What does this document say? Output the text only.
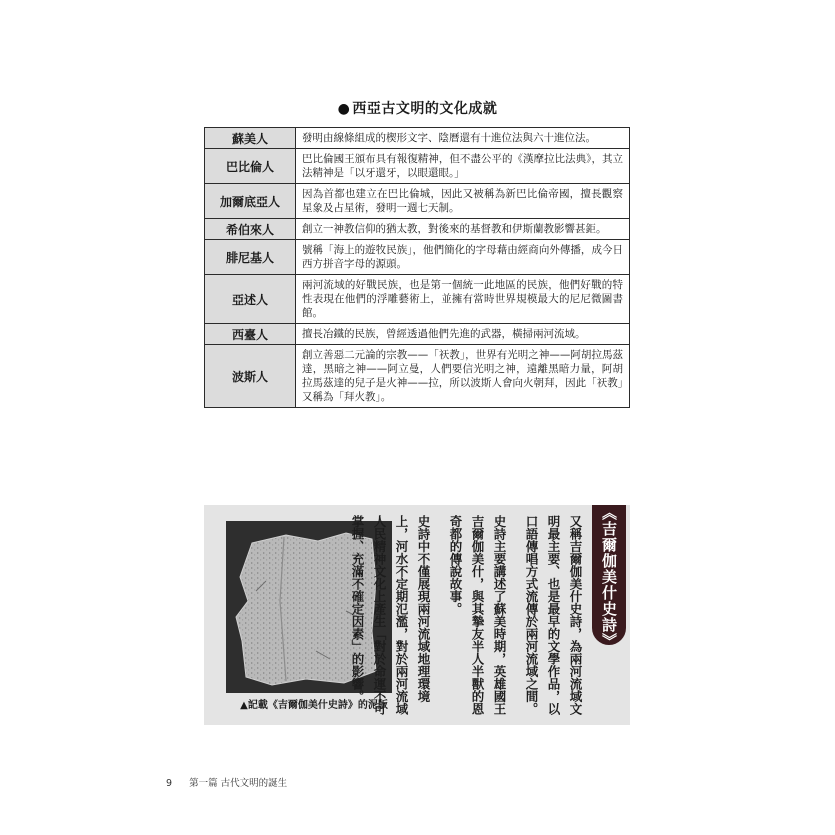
● 西亞古文明的文化成就
蘇美人	發明由線條組成的楔形文字、陰曆還有十進位法與六十進位法。
巴比倫人	巴比倫國王頒布具有報復精神，但不盡公平的《漢摩拉比法典》，其立法精神是「以牙還牙，以眼還眼。」
加爾底亞人	因為首都也建立在巴比倫城，因此又被稱為新巴比倫帝國，擅長觀察星象及占星術，發明一週七天制。
希伯來人	創立一神教信仰的猶太教，對後來的基督教和伊斯蘭教影響甚鉅。
腓尼基人	號稱「海上的遊牧民族」，他們簡化的字母藉由經商向外傳播，成今日西方拼音字母的源頭。
亞述人	兩河流域的好戰民族，也是第一個統一此地區的民族，他們好戰的特性表現在他們的浮雕藝術上，並擁有當時世界規模最大的尼尼微圖書館。
西臺人	擅長冶鐵的民族，曾經透過他們先進的武器，橫掃兩河流域。
波斯人	創立善惡二元論的宗教——「祆教」，世界有光明之神——阿胡拉馬茲達，黑暗之神——阿立曼，人們要信光明之神，遠離黑暗力量，阿胡拉馬茲達的兒子是火神——拉，所以波斯人會向火朝拜，因此「祆教」又稱為「拜火教」。
▲記載《吉爾伽美什史詩》的泥版
《吉爾伽美什史詩》

又稱吉爾伽美什史詩，為兩河流域文明最主要、也是最早的文學作品，以口語傳唱方式流傳於兩河流域之間。

史詩主要講述了蘇美時期，英雄國王吉爾伽美什，與其摯友半人半獸的恩奇都的傳說故事。

史詩中不僅展現兩河流域地理環境上，河水不定期氾濫，對於兩河流域人民精神文化上產生「對於命運不可掌握、充滿不確定因素」的影響。

9 第一篇 古代文明的誕生
